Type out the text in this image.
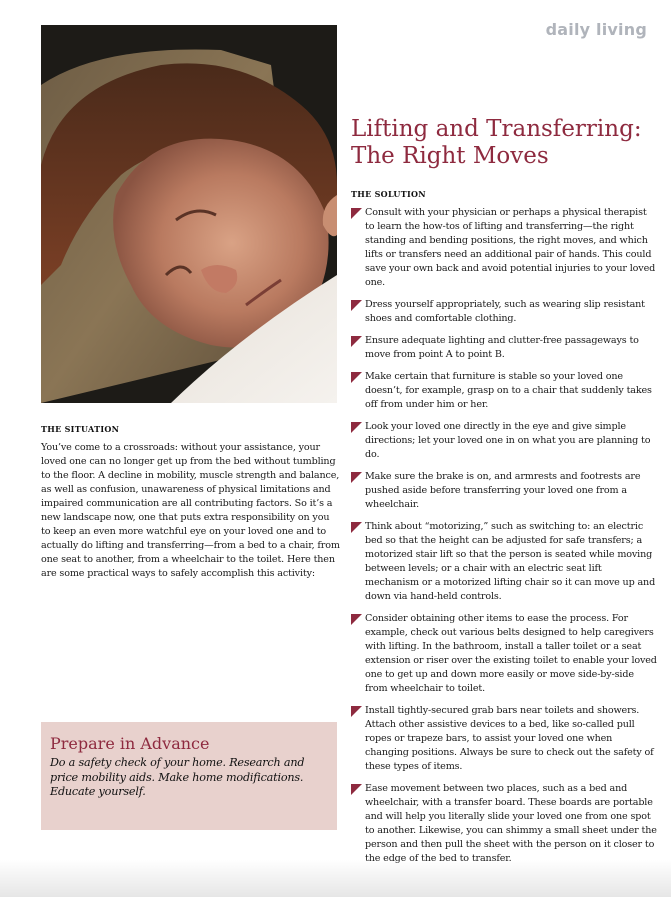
daily living
Lifting and Transferring: The Right Moves
THE SOLUTION
Consult with your physician or perhaps a physical therapist to learn the how-tos of lifting and transferring—the right standing and bending positions, the right moves, and which lifts or transfers need an additional pair of hands. This could save your own back and avoid potential injuries to your loved one.
Dress yourself appropriately, such as wearing slip resistant shoes and comfortable clothing.
Ensure adequate lighting and clutter-free passageways to move from point A to point B.
Make certain that furniture is stable so your loved one doesn’t, for example, grasp on to a chair that suddenly takes off from under him or her.
Look your loved one directly in the eye and give simple directions; let your loved one in on what you are planning to do.
Make sure the brake is on, and armrests and footrests are pushed aside before transferring your loved one from a wheelchair.
Think about “motorizing,” such as switching to: an electric bed so that the height can be adjusted for safe transfers; a motorized stair lift so that the person is seated while moving between levels; or a chair with an electric seat lift mechanism or a motorized lifting chair so it can move up and down via hand-held controls.
Consider obtaining other items to ease the process. For example, check out various belts designed to help caregivers with lifting. In the bathroom, install a taller toilet or a seat extension or riser over the existing toilet to enable your loved one to get up and down more easily or move side-by-side from wheelchair to toilet.
Install tightly-secured grab bars near toilets and showers. Attach other assistive devices to a bed, like so-called pull ropes or trapeze bars, to assist your loved one when changing positions. Always be sure to check out the safety of these types of items.
Ease movement between two places, such as a bed and wheelchair, with a transfer board. These boards are portable and will help you literally slide your loved one from one spot to another. Likewise, you can shimmy a small sheet under the person and then pull the sheet with the person on it closer to the edge of the bed to transfer.
THE SITUATION

You’ve come to a crossroads: without your assistance, your loved one can no longer get up from the bed without tumbling to the floor. A decline in mobility, muscle strength and balance, as well as confusion, unawareness of physical limitations and impaired communication are all contributing factors. So it’s a new landscape now, one that puts extra responsibility on you to keep an even more watchful eye on your loved one and to actually do lifting and transferring—from a bed to a chair, from one seat to another, from a wheelchair to the toilet. Here then are some practical ways to safely accomplish this activity:

Prepare in Advance

Do a safety check of your home. Research and price mobility aids. Make home modifications. Educate yourself.
